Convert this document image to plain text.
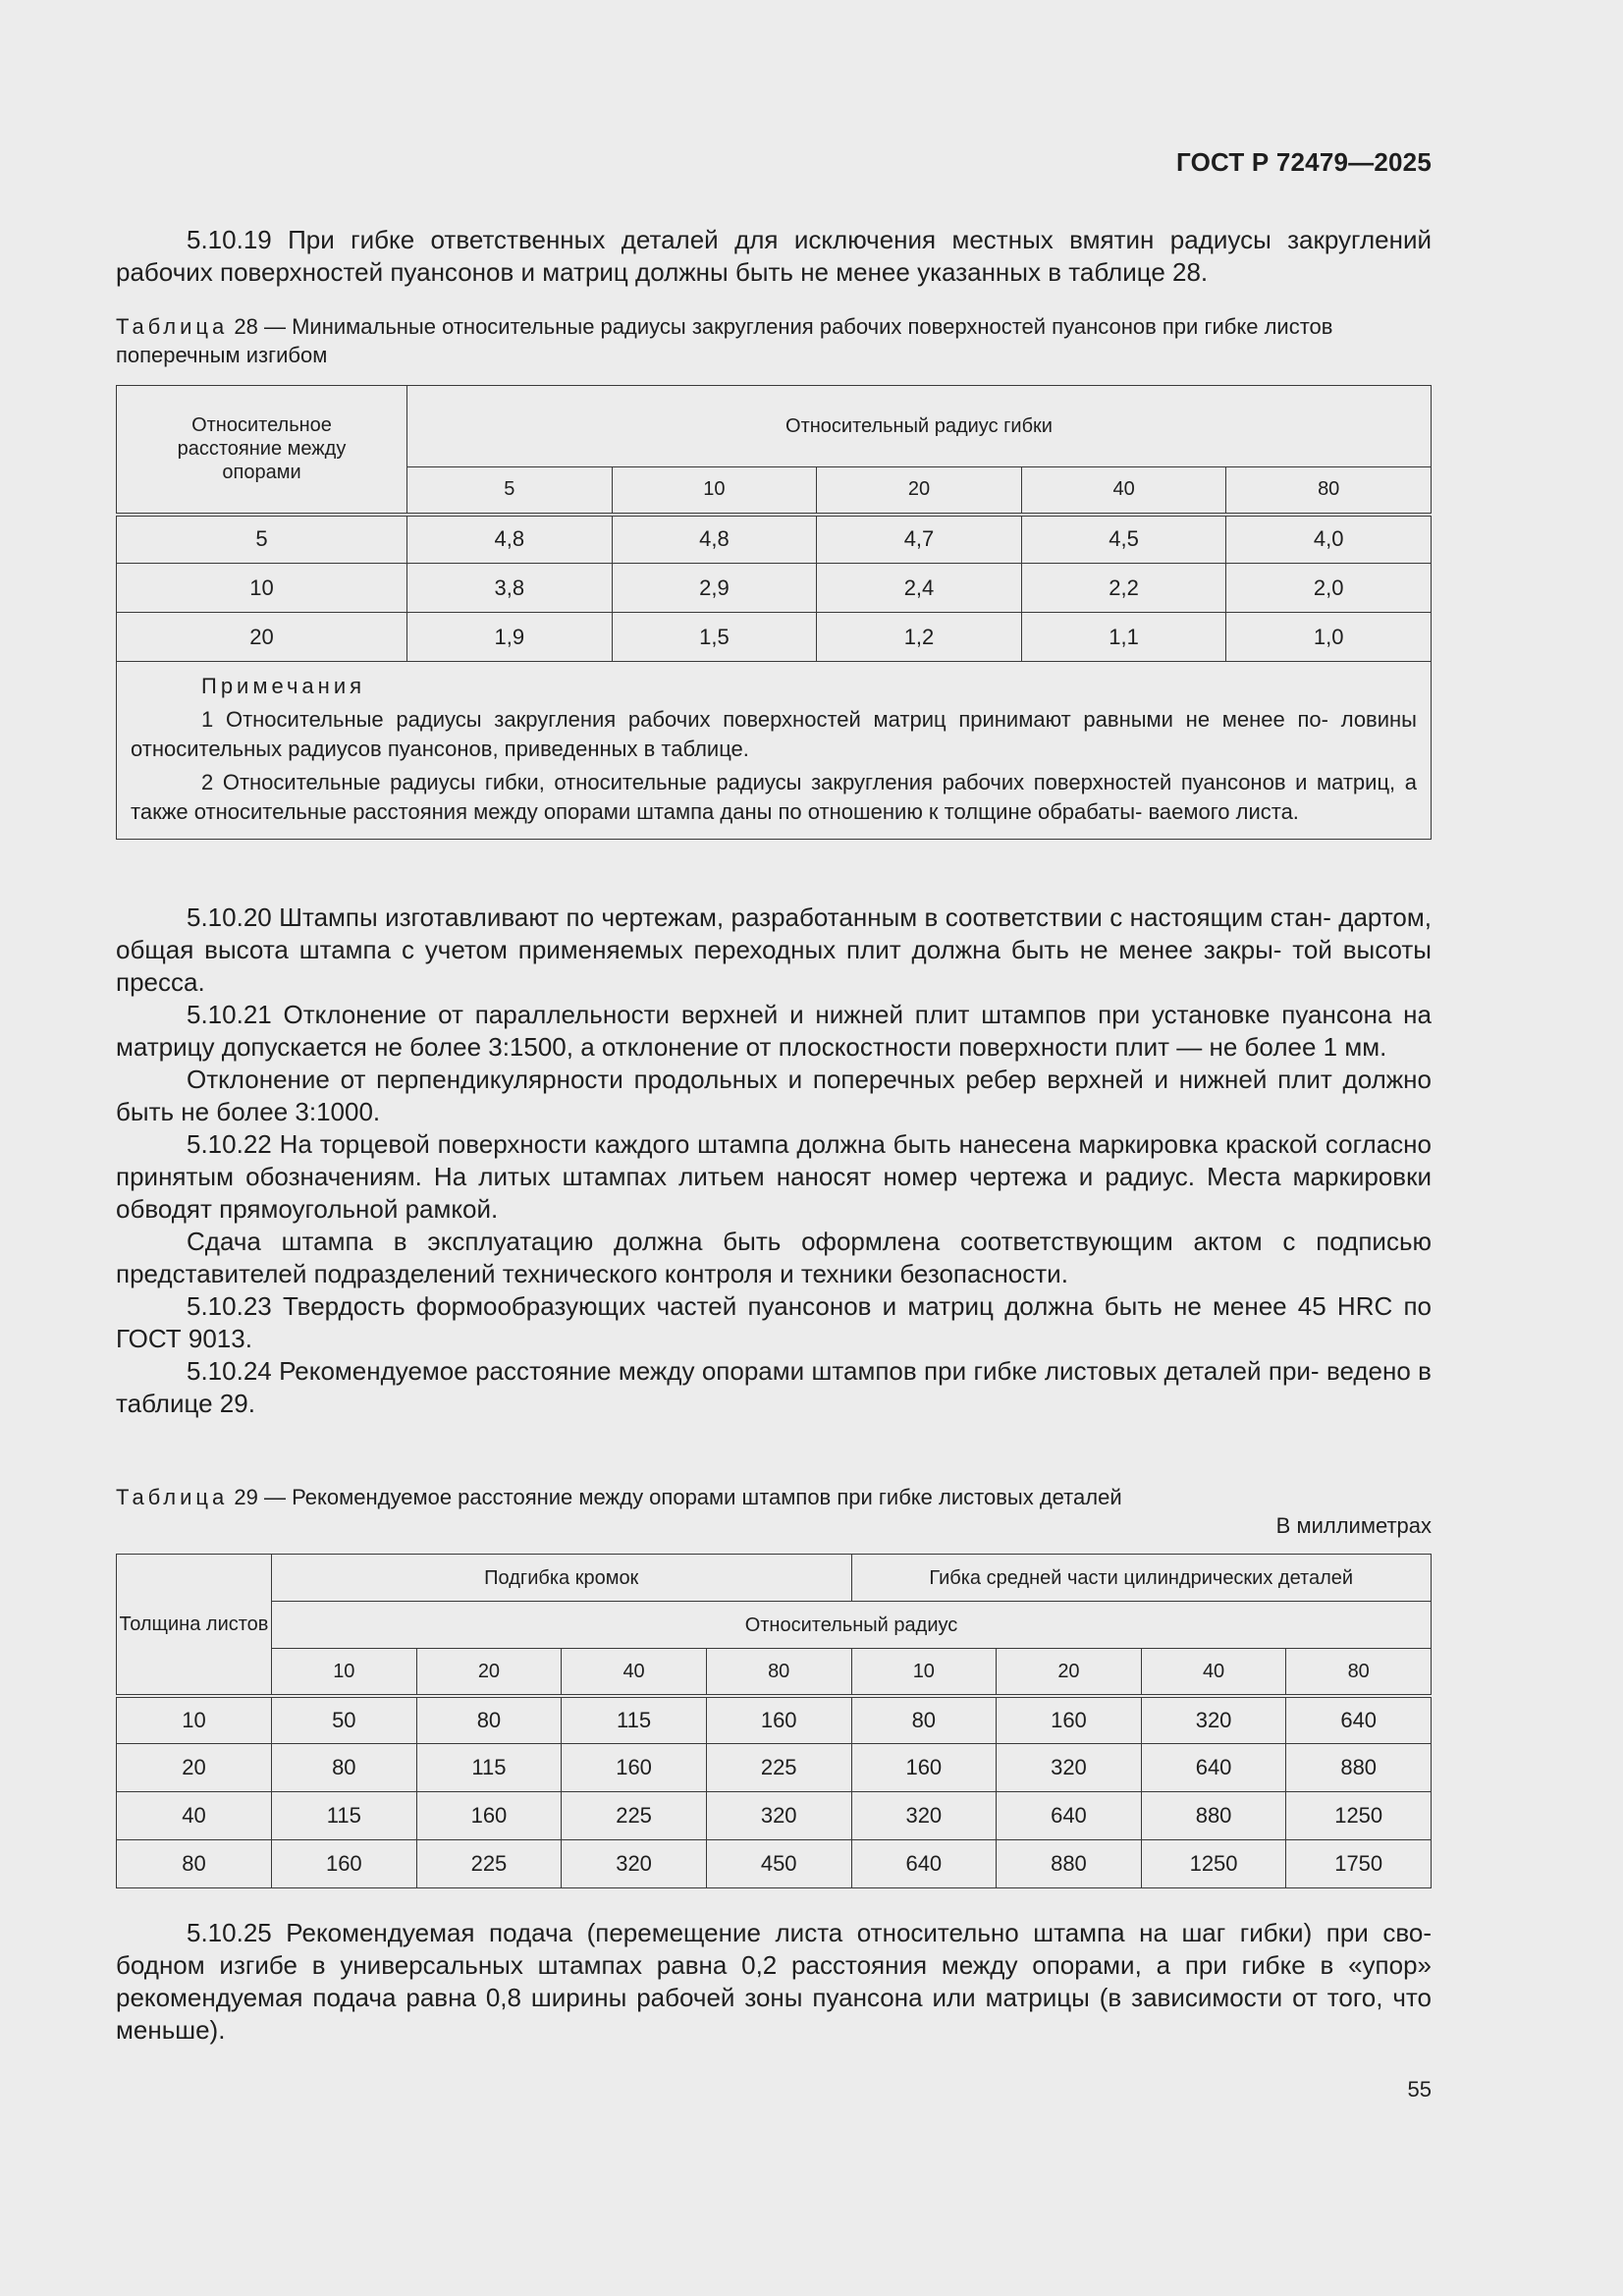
ГОСТ Р 72479—2025

5.10.19 При гибке ответственных деталей для исключения местных вмятин радиусы закруглений рабочих поверхностей пуансонов и матриц должны быть не менее указанных в таблице 28.

Таблица 28 — Минимальные относительные радиусы закругления рабочих поверхностей пуансонов при гибке листов поперечным изгибом

Относительное расстояние между опорами	Относительный радиус гибки				
	5	10	20	40	80
5	4,8	4,8	4,7	4,5	4,0
10	3,8	2,9	2,4	2,2	2,0
20	1,9	1,5	1,2	1,1	1,0

Примечания

1 Относительные радиусы закругления рабочих поверхностей матриц принимают равными не менее по- ловины относительных радиусов пуансонов, приведенных в таблице.

2 Относительные радиусы гибки, относительные радиусы закругления рабочих поверхностей пуансонов и матриц, а также относительные расстояния между опорами штампа даны по отношению к толщине обрабаты- ваемого листа.					

5.10.20 Штампы изготавливают по чертежам, разработанным в соответствии с настоящим стан- дартом, общая высота штампа с учетом применяемых переходных плит должна быть не менее закры- той высоты пресса.

5.10.21 Отклонение от параллельности верхней и нижней плит штампов при установке пуансона на матрицу допускается не более 3:1500, а отклонение от плоскостности поверхности плит — не более 1 мм.

Отклонение от перпендикулярности продольных и поперечных ребер верхней и нижней плит должно быть не более 3:1000.

5.10.22 На торцевой поверхности каждого штампа должна быть нанесена маркировка краской согласно принятым обозначениям. На литых штампах литьем наносят номер чертежа и радиус. Места маркировки обводят прямоугольной рамкой.

Сдача штампа в эксплуатацию должна быть оформлена соответствующим актом с подписью представителей подразделений технического контроля и техники безопасности.

5.10.23 Твердость формообразующих частей пуансонов и матриц должна быть не менее 45 HRC по ГОСТ 9013.

5.10.24 Рекомендуемое расстояние между опорами штампов при гибке листовых деталей при- ведено в таблице 29.

Таблица 29 — Рекомендуемое расстояние между опорами штампов при гибке листовых деталей

В миллиметрах

Толщина листов	Подгибка кромок				Гибка средней части цилиндрических деталей			
	Относительный радиус							
	10	20	40	80	10	20	40	80
10	50	80	115	160	80	160	320	640
20	80	115	160	225	160	320	640	880
40	115	160	225	320	320	640	880	1250
80	160	225	320	450	640	880	1250	1750

5.10.25 Рекомендуемая подача (перемещение листа относительно штампа на шаг гибки) при сво- бодном изгибе в универсальных штампах равна 0,2 расстояния между опорами, а при гибке в «упор» рекомендуемая подача равна 0,8 ширины рабочей зоны пуансона или матрицы (в зависимости от того, что меньше).

55
